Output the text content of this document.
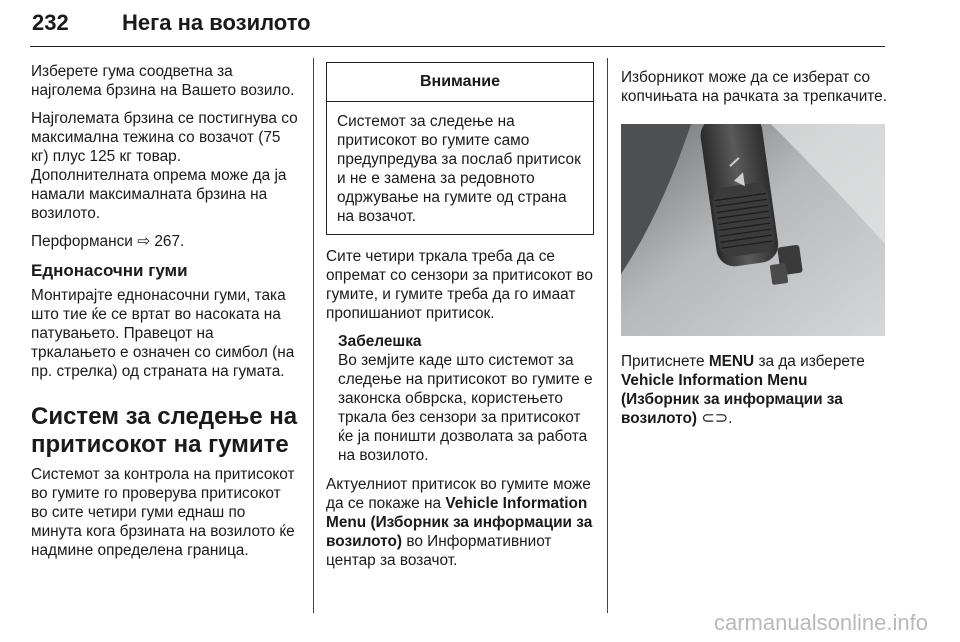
232 Нега на возилото

Изберете гума соодветна за најголема брзина на Вашето возило.

Најголемата брзина се постигнува со максимална тежина со возачот (75 кг) плус 125 кг товар. Дополнителната опрема може да ја намали максималната брзина на возилото.

Перформанси ⇨ 267.

Еднонасочни гуми

Монтирајте еднонасочни гуми, така што тие ќе се вртат во насоката на патувањето. Правецот на тркалањето е означен со симбол (на пр. стрелка) од страната на гумата.

Систем за следење на притисокот на гумите

Системот за контрола на притисокот во гумите го проверува притисокот во сите четири гуми еднаш по минута кога брзината на возилото ќе надмине определена граница.

Внимание
Системот за следење на притисокот во гумите само предупредува за послаб притисок и не е замена за редовното одржување на гумите од страна на возачот.

Сите четири тркала треба да се опремат со сензори за притисокот во гумите, и гумите треба да го имаат пропишаниот притисок.

Забелешка
Во земјите каде што системот за следење на притисокот во гумите е законска обврска, користењето тркала без сензори за притисокот ќе ја поништи дозволата за работа на возилото.

Актуелниот притисок во гумите може да се покаже на Vehicle Information Menu (Изборник за информации за возилото) во Информативниот центар за возачот.

Изборникот може да се изберат со копчињата на рачката за трепкачите.

Притиснете MENU за да изберете Vehicle Information Menu (Изборник за информации за возилото) ⊂⊃.

carmanualsonline.info
